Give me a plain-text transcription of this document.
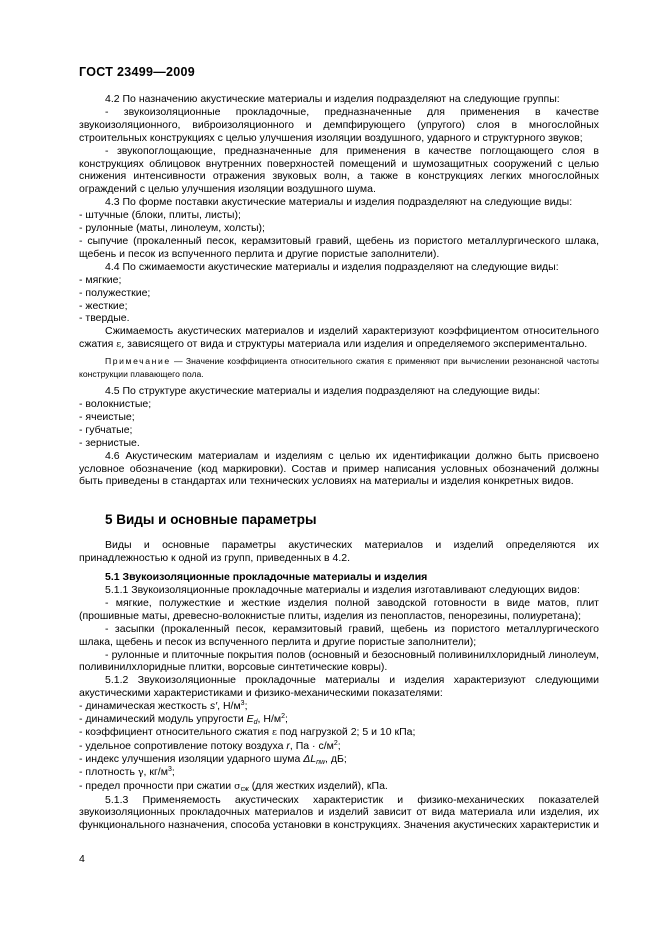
ГОСТ 23499—2009

4.2 По назначению акустические материалы и изделия подразделяют на следующие группы:

- звукоизоляционные прокладочные, предназначенные для применения в качестве звукоизоляционного, виброизоляционного и демпфирующего (упругого) слоя в многослойных строительных конструкциях с целью улучшения изоляции воздушного, ударного и структурного звуков;

- звукопоглощающие, предназначенные для применения в качестве поглощающего слоя в конструкциях облицовок внутренних поверхностей помещений и шумозащитных сооружений с целью снижения интенсивности отражения звуковых волн, а также в конструкциях легких многослойных ограждений с целью улучшения изоляции воздушного шума.

4.3 По форме поставки акустические материалы и изделия подразделяют на следующие виды:

- штучные (блоки, плиты, листы);

- рулонные (маты, линолеум, холсты);

- сыпучие (прокаленный песок, керамзитовый гравий, щебень из пористого металлургического шлака, щебень и песок из вспученного перлита и другие пористые заполнители).

4.4 По сжимаемости акустические материалы и изделия подразделяют на следующие виды:

- мягкие;

- полужесткие;

- жесткие;

- твердые.

Сжимаемость акустических материалов и изделий характеризуют коэффициентом относительного сжатия ε, зависящего от вида и структуры материала или изделия и определяемого экспериментально.

Примечание — Значение коэффициента относительного сжатия ε применяют при вычислении резонансной частоты конструкции плавающего пола.

4.5 По структуре акустические материалы и изделия подразделяют на следующие виды:

- волокнистые;

- ячеистые;

- губчатые;

- зернистые.

4.6 Акустическим материалам и изделиям с целью их идентификации должно быть присвоено условное обозначение (код маркировки). Состав и пример написания условных обозначений должны быть приведены в стандартах или технических условиях на материалы и изделия конкретных видов.

5 Виды и основные параметры

Виды и основные параметры акустических материалов и изделий определяются их принадлежностью к одной из групп, приведенных в 4.2.

5.1 Звукоизоляционные прокладочные материалы и изделия

5.1.1 Звукоизоляционные прокладочные материалы и изделия изготавливают следующих видов:

- мягкие, полужесткие и жесткие изделия полной заводской готовности в виде матов, плит (прошивные маты, древесно-волокнистые плиты, изделия из пенопластов, пенорезины, полиуретана);

- засыпки (прокаленный песок, керамзитовый гравий, щебень из пористого металлургического шлака, щебень и песок из вспученного перлита и другие пористые заполнители);

- рулонные и плиточные покрытия полов (основный и безосновный поливинилхлоридный линолеум, поливинилхлоридные плитки, ворсовые синтетические ковры).

5.1.2 Звукоизоляционные прокладочные материалы и изделия характеризуют следующими акустическими характеристиками и физико-механическими показателями:

- динамическая жесткость s′, $Н/м^3$;

- динамический модуль упругости $E_d$, $Н/м^2$;

- коэффициент относительного сжатия ε под нагрузкой 2; 5 и 10 кПа;

- удельное сопротивление потоку воздуха r, Па · $с/м^2$;

- индекс улучшения изоляции ударного шума $\Delta L_{nw}$, дБ;

- плотность γ, $кг/м^3$;

- предел прочности при сжатии $\sigma_{сж}$ (для жестких изделий), кПа.

5.1.3 Применяемость акустических характеристик и физико-механических показателей звукоизоляционных прокладочных материалов и изделий зависит от вида материала или изделия, их функционального назначения, способа установки в конструкциях. Значения акустических характеристик и

4
